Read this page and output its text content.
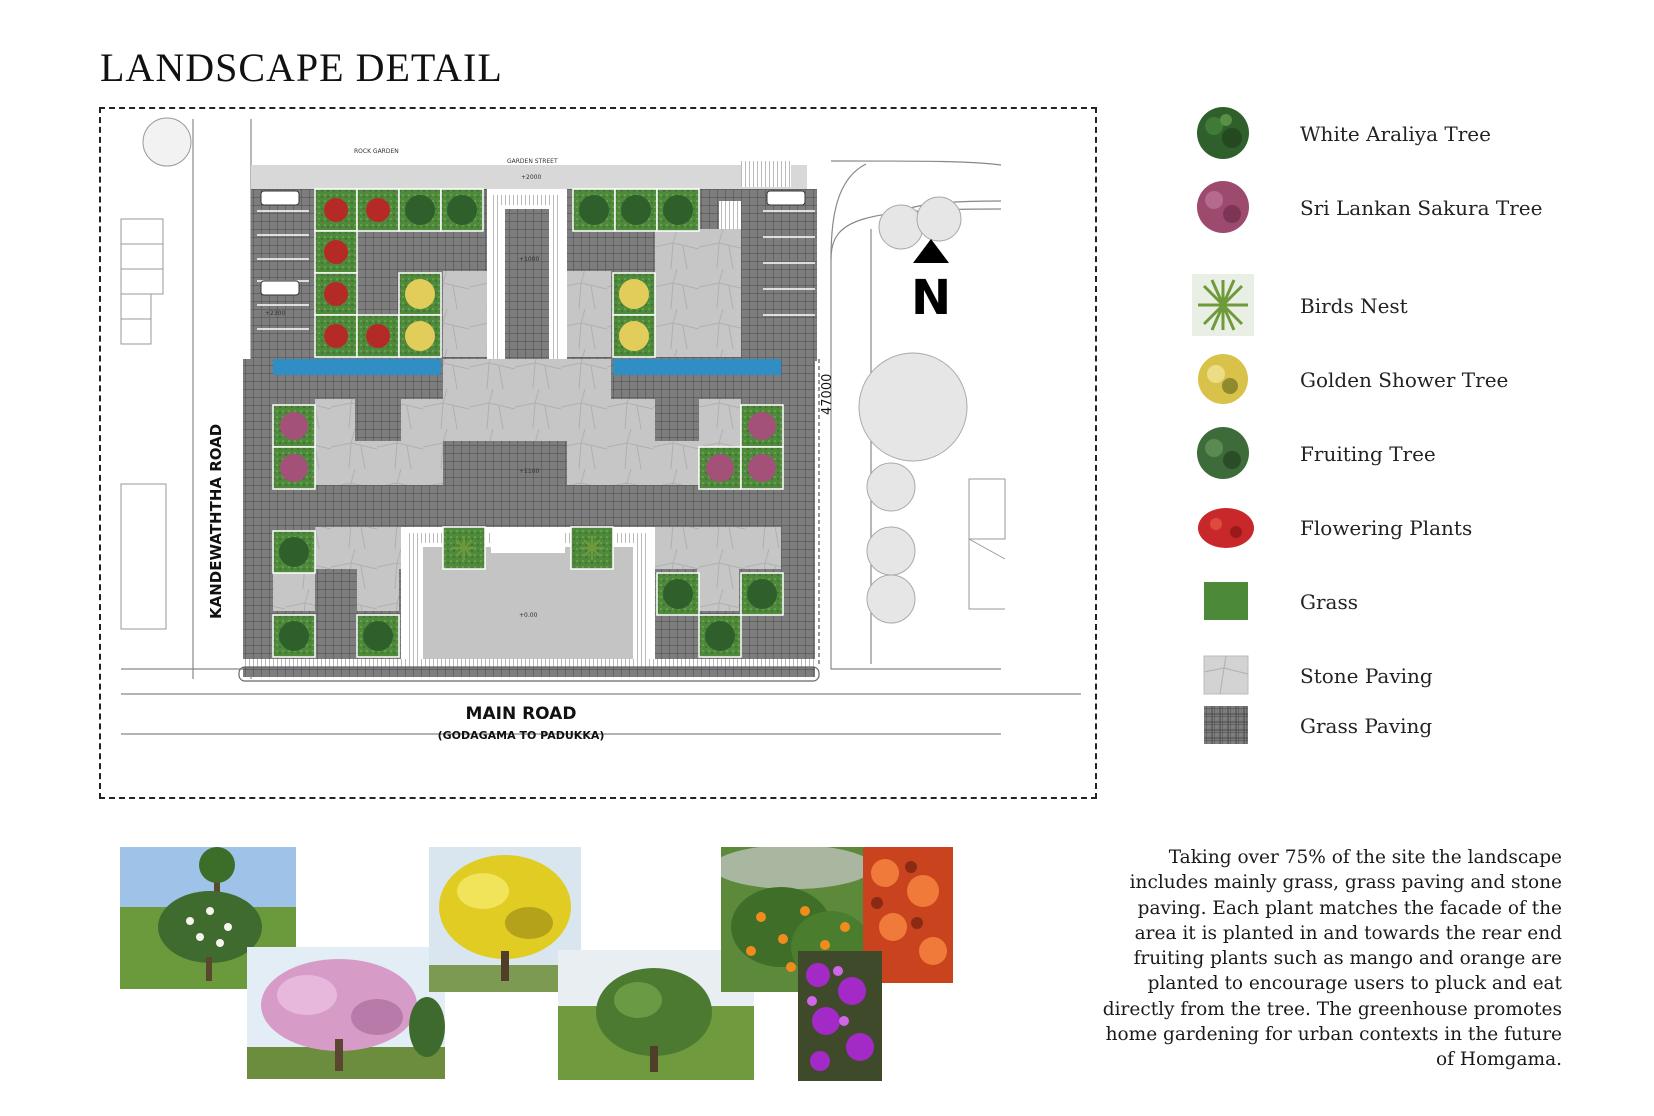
LANDSCAPE DETAIL
47000
ROCK GARDEN
GARDEN STREET
+2000
+1000
+2300
+1100
+0.00
N
KANDEWATHTHA ROAD
MAIN ROAD
(GODAGAMA TO PADUKKA)
White Araliya Tree
Sri Lankan Sakura Tree
Birds Nest
Golden Shower Tree
Fruiting Tree
Flowering Plants
Grass
Stone Paving
Grass Paving
Taking over 75% of the site the landscape includes mainly grass, grass paving and stone paving. Each plant matches the facade of the area it is planted in and towards the rear end fruiting plants such as mango and orange are planted to encourage users to pluck and eat directly from the tree. The greenhouse promotes home gardening for urban contexts in the future of Homgama.
